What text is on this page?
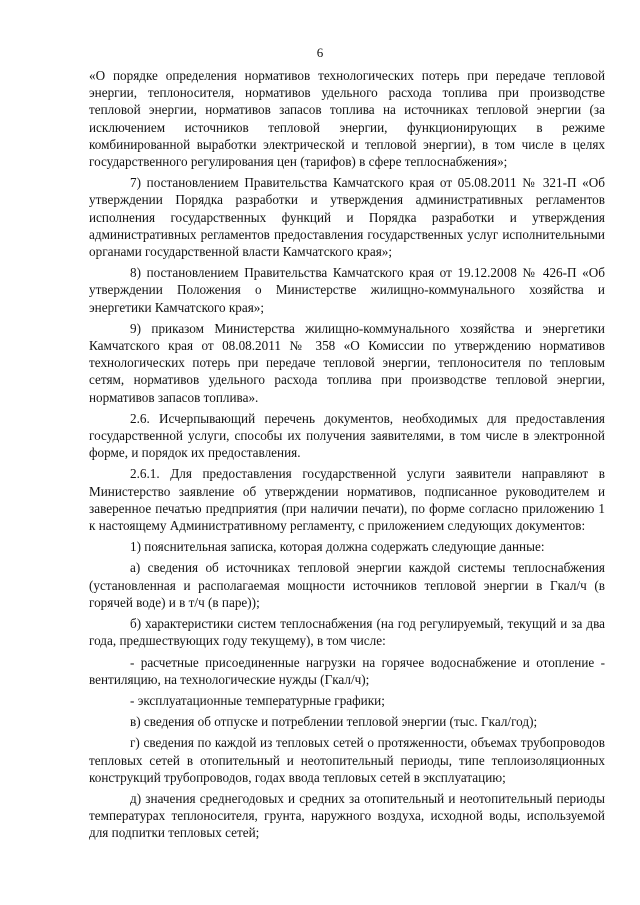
6

«О порядке определения нормативов технологических потерь при передаче тепловой энергии, теплоносителя, нормативов удельного расхода топлива при производстве тепловой энергии, нормативов запасов топлива на источниках тепловой энергии (за исключением источников тепловой энергии, функционирующих в режиме комбинированной выработки электрической и тепловой энергии), в том числе в целях государственного регулирования цен (тарифов) в сфере теплоснабжения»;

7) постановлением Правительства Камчатского края от 05.08.2011 № 321-П «Об утверждении Порядка разработки и утверждения административных регламентов исполнения государственных функций и Порядка разработки и утверждения административных регламентов предоставления государственных услуг исполнительными органами государственной власти Камчатского края»;

8) постановлением Правительства Камчатского края от 19.12.2008 № 426-П «Об утверждении Положения о Министерстве жилищно-коммунального хозяйства и энергетики Камчатского края»;

9) приказом Министерства жилищно-коммунального хозяйства и энергетики Камчатского края от 08.08.2011 № 358 «О Комиссии по утверждению нормативов технологических потерь при передаче тепловой энергии, теплоносителя по тепловым сетям, нормативов удельного расхода топлива при производстве тепловой энергии, нормативов запасов топлива».

2.6. Исчерпывающий перечень документов, необходимых для предоставления государственной услуги, способы их получения заявителями, в том числе в электронной форме, и порядок их предоставления.

2.6.1. Для предоставления государственной услуги заявители направляют в Министерство заявление об утверждении нормативов, подписанное руководителем и заверенное печатью предприятия (при наличии печати), по форме согласно приложению 1 к настоящему Административному регламенту, с приложением следующих документов:

1) пояснительная записка, которая должна содержать следующие данные:

а) сведения об источниках тепловой энергии каждой системы теплоснабжения (установленная и располагаемая мощности источников тепловой энергии в Гкал/ч (в горячей воде) и в т/ч (в паре));

б) характеристики систем теплоснабжения (на год регулируемый, текущий и за два года, предшествующих году текущему), в том числе:

- расчетные присоединенные нагрузки на горячее водоснабжение и отопление - вентиляцию, на технологические нужды (Гкал/ч);

- эксплуатационные температурные графики;

в) сведения об отпуске и потреблении тепловой энергии (тыс. Гкал/год);

г) сведения по каждой из тепловых сетей о протяженности, объемах трубопроводов тепловых сетей в отопительный и неотопительный периоды, типе теплоизоляционных конструкций трубопроводов, годах ввода тепловых сетей в эксплуатацию;

д) значения среднегодовых и средних за отопительный и неотопительный периоды температурах теплоносителя, грунта, наружного воздуха, исходной воды, используемой для подпитки тепловых сетей;
